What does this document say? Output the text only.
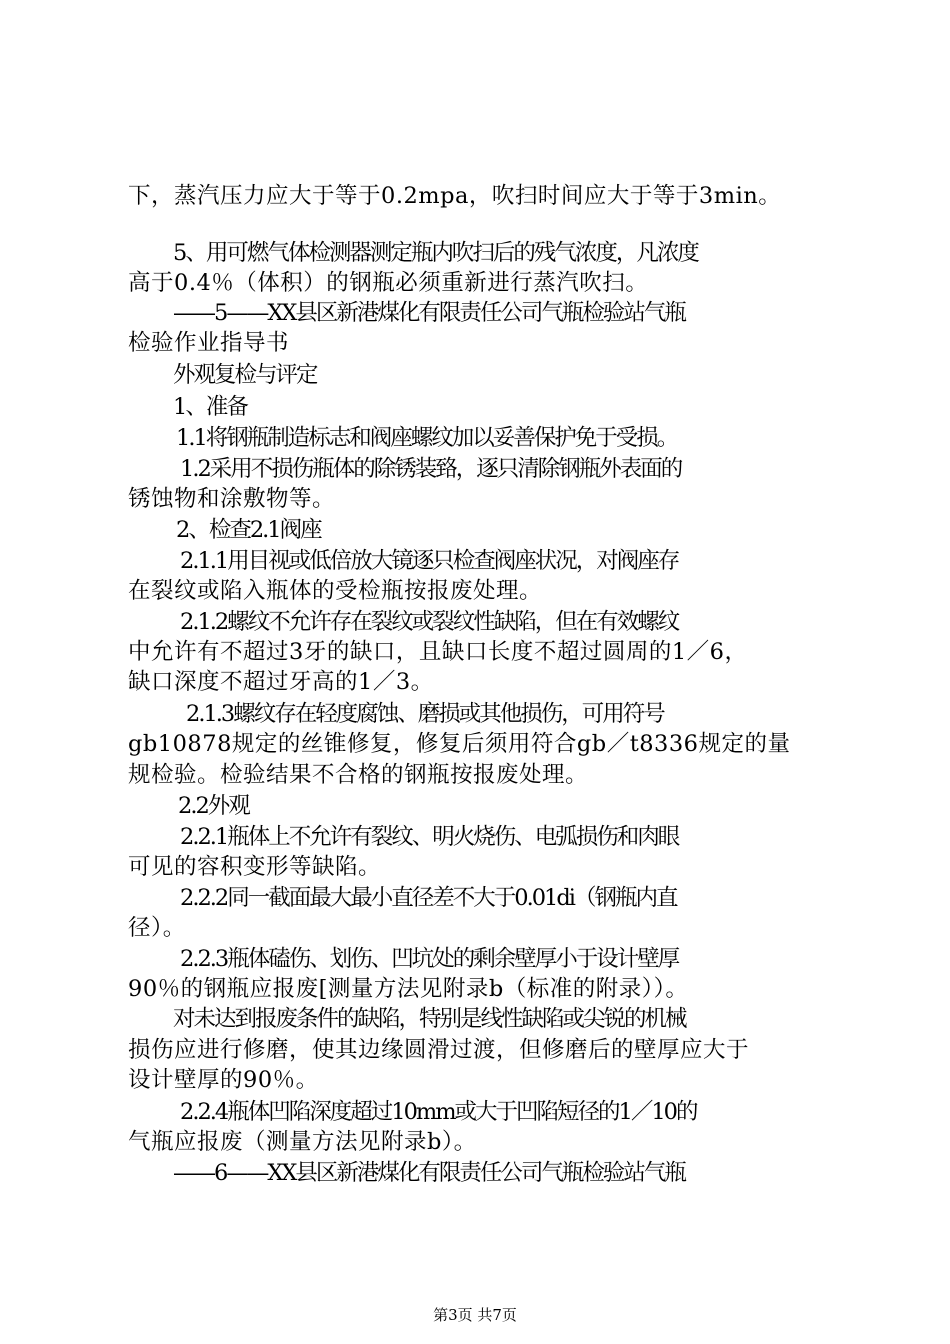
下，蒸汽压力应大于等于0.2mpa，吹扫时间应大于等于3min。
5、用可燃气体检测器测定瓶内吹扫后的残气浓度，凡浓度
高于0.4％（体积）的钢瓶必须重新进行蒸汽吹扫。
——5——XX县区新港煤化有限责任公司气瓶检验站气瓶
检验作业指导书
外观复检与评定
1、准备
1.1将钢瓶制造标志和阀座螺纹加以妥善保护免于受损。
1.2采用不损伤瓶体的除锈装臵，逐只清除钢瓶外表面的
锈蚀物和涂敷物等。
2、检查2.1阀座
2.1.1用目视或低倍放大镜逐只检查阀座状况，对阀座存
在裂纹或陷入瓶体的受检瓶按报废处理。
2.1.2螺纹不允许存在裂纹或裂纹性缺陷，但在有效螺纹
中允许有不超过3牙的缺口，且缺口长度不超过圆周的1／6，
缺口深度不超过牙高的1／3。
2.1.3螺纹存在轻度腐蚀、磨损或其他损伤，可用符号
gb10878规定的丝锥修复，修复后须用符合gb／t8336规定的量
规检验。检验结果不合格的钢瓶按报废处理。
2.2外观
2.2.1瓶体上不允许有裂纹、明火烧伤、电弧损伤和肉眼
可见的容积变形等缺陷。
2.2.2同一截面最大最小直径差不大于0.01di（钢瓶内直
径）。
2.2.3瓶体磕伤、划伤、凹坑处的剩余壁厚小于设计壁厚
90％的钢瓶应报废[测量方法见附录b（标准的附录））。
对未达到报废条件的缺陷，特别是线性缺陷或尖锐的机械
损伤应进行修磨，使其边缘圆滑过渡，但修磨后的壁厚应大于
设计壁厚的90％。
2.2.4瓶体凹陷深度超过10mm或大于凹陷短径的1／10的
气瓶应报废（测量方法见附录b）。
——6——XX县区新港煤化有限责任公司气瓶检验站气瓶
第3页 共7页
